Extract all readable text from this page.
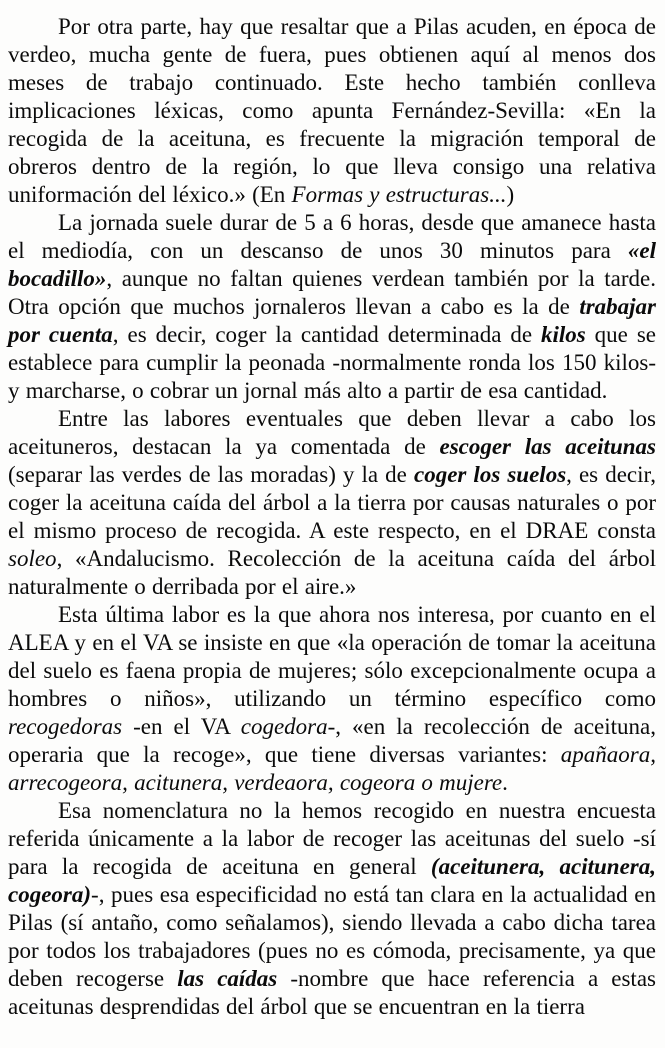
Por otra parte, hay que resaltar que a Pilas acuden, en época de verdeo, mucha gente de fuera, pues obtienen aquí al menos dos meses de trabajo continuado. Este hecho también conlleva implicaciones léxicas, como apunta Fernández-Sevilla: «En la recogida de la aceituna, es frecuente la migración temporal de obreros dentro de la región, lo que lleva consigo una relativa uniformación del léxico.» (En Formas y estructuras...)

La jornada suele durar de 5 a 6 horas, desde que amanece hasta el mediodía, con un descanso de unos 30 minutos para «el bocadillo», aunque no faltan quienes verdean también por la tarde. Otra opción que muchos jornaleros llevan a cabo es la de trabajar por cuenta, es decir, coger la cantidad determinada de kilos que se establece para cumplir la peonada -normalmente ronda los 150 kilos- y marcharse, o cobrar un jornal más alto a partir de esa cantidad.

Entre las labores eventuales que deben llevar a cabo los aceituneros, destacan la ya comentada de escoger las aceitunas (separar las verdes de las moradas) y la de coger los suelos, es decir, coger la aceituna caída del árbol a la tierra por causas naturales o por el mismo proceso de recogida. A este respecto, en el DRAE consta soleo, «Andalucismo. Recolección de la aceituna caída del árbol naturalmente o derribada por el aire.»

Esta última labor es la que ahora nos interesa, por cuanto en el ALEA y en el VA se insiste en que «la operación de tomar la aceituna del suelo es faena propia de mujeres; sólo excepcionalmente ocupa a hombres o niños», utilizando un término específico como recogedoras -en el VA cogedora-, «en la recolección de aceituna, operaria que la recoge», que tiene diversas variantes: apañaora, arrecogeora, acitunera, verdeaora, cogeora o mujere.

Esa nomenclatura no la hemos recogido en nuestra encuesta referida únicamente a la labor de recoger las aceitunas del suelo -sí para la recogida de aceituna en general (aceitunera, acitunera, cogeora)-, pues esa especificidad no está tan clara en la actualidad en Pilas (sí antaño, como señalamos), siendo llevada a cabo dicha tarea por todos los trabajadores (pues no es cómoda, precisamente, ya que deben recogerse las caídas -nombre que hace referencia a estas aceitunas desprendidas del árbol que se encuentran en la tierra
